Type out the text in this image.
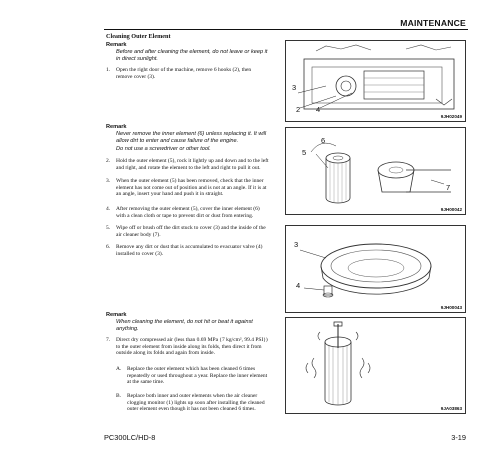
MAINTENANCE
Cleaning Outer Element
Remark
Before and after cleaning the element, do not leave or keep it
in direct sunlight.
1. Open the right door of the machine, remove 6 hooks (2), then
remove cover (3).
3
2 4
9JH02049
Remark
Never remove the inner element (6) unless replacing it. It will
allow dirt to enter and cause failure of the engine.
Do not use a screwdriver or other tool.
2. Hold the outer element (5), rock it lightly up and down and to the left
and right, and rotate the element to the left and right to pull it out.
3. When the outer element (5) has been removed, check that the inner
element has not come out of position and is not at an angle. If it is at
an angle, insert your hand and push it in straight.
4. After removing the outer element (5), cover the inner element (6)
with a clean cloth or tape to prevent dirt or dust from entering.
6
5
7
9JH00042
5. Wipe off or brush off the dirt stuck to cover (3) and the inside of the
air cleaner body (7).
6. Remove any dirt or dust that is accumulated to evacuator valve (4)
installed to cover (3).
3
4
9JH00043
Remark
When cleaning the element, do not hit or beat it against
anything.
7. Direct dry compressed air (less than 0.69 MPa {7 kg/cm², 99.4 PSI})
to the outer element from inside along its folds, then direct it from
outside along its folds and again from inside.
A. Replace the outer element which has been cleaned 6 times
repeatedly or used throughout a year. Replace the inner element
at the same time.
B. Replace both inner and outer elements when the air cleaner
clogging monitor (1) lights up soon after installing the cleaned
outer element even though it has not been cleaned 6 times.	9JA03863
PC300LC/HD-8	3-19
